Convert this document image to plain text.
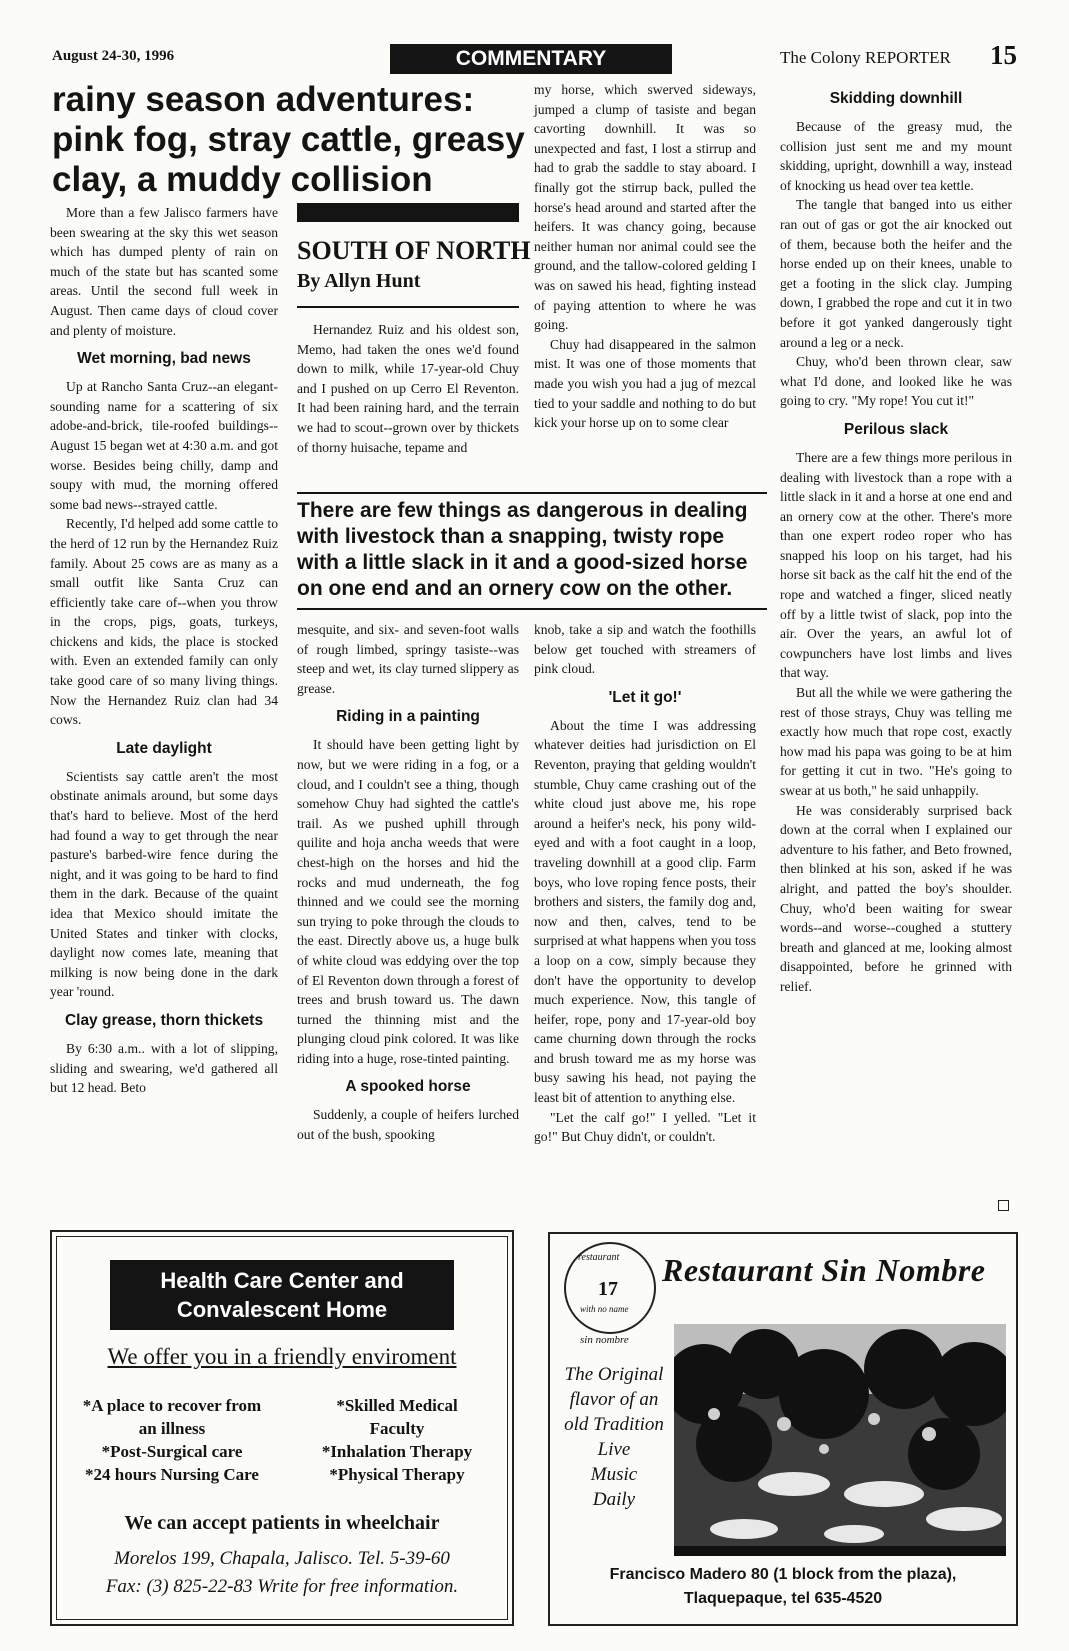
August 24-30, 1996	COMMENTARY	The Colony REPORTER 15
rainy season adventures: pink fog, stray cattle, greasy clay, a muddy collision

More than a few Jalisco farmers have been swearing at the sky this wet season which has dumped plenty of rain on much of the state but has scanted some areas. Until the second full week in August. Then came days of cloud cover and plenty of moisture.

Wet morning, bad news

Up at Rancho Santa Cruz--an elegant-sounding name for a scattering of six adobe-and-brick, tile-roofed buildings--August 15 began wet at 4:30 a.m. and got worse. Besides being chilly, damp and soupy with mud, the morning offered some bad news--strayed cattle.

Recently, I'd helped add some cattle to the herd of 12 run by the Hernandez Ruiz family. About 25 cows are as many as a small outfit like Santa Cruz can efficiently take care of--when you throw in the crops, pigs, goats, turkeys, chickens and kids, the place is stocked with. Even an extended family can only take good care of so many living things. Now the Hernandez Ruiz clan had 34 cows.

Late daylight

Scientists say cattle aren't the most obstinate animals around, but some days that's hard to believe. Most of the herd had found a way to get through the near pasture's barbed-wire fence during the night, and it was going to be hard to find them in the dark. Because of the quaint idea that Mexico should imitate the United States and tinker with clocks, daylight now comes late, meaning that milking is now being done in the dark year 'round.

Clay grease, thorn thickets

By 6:30 a.m.. with a lot of slipping, sliding and swearing, we'd gathered all but 12 head. Beto

SOUTH OF NORTH
By Allyn Hunt

Hernandez Ruiz and his oldest son, Memo, had taken the ones we'd found down to milk, while 17-year-old Chuy and I pushed on up Cerro El Reventon. It had been raining hard, and the terrain we had to scout--grown over by thickets of thorny huisache, tepame and

my horse, which swerved sideways, jumped a clump of tasiste and began cavorting downhill. It was so unexpected and fast, I lost a stirrup and had to grab the saddle to stay aboard. I finally got the stirrup back, pulled the horse's head around and started after the heifers. It was chancy going, because neither human nor animal could see the ground, and the tallow-colored gelding I was on sawed his head, fighting instead of paying attention to where he was going.

Chuy had disappeared in the salmon mist. It was one of those moments that made you wish you had a jug of mezcal tied to your saddle and nothing to do but kick your horse up on to some clear

There are few things as dangerous in dealing with livestock than a snapping, twisty rope with a little slack in it and a good-sized horse on one end and an ornery cow on the other.

mesquite, and six- and seven-foot walls of rough limbed, springy tasiste--was steep and wet, its clay turned slippery as grease.

Riding in a painting

It should have been getting light by now, but we were riding in a fog, or a cloud, and I couldn't see a thing, though somehow Chuy had sighted the cattle's trail. As we pushed uphill through quilite and hoja ancha weeds that were chest-high on the horses and hid the rocks and mud underneath, the fog thinned and we could see the morning sun trying to poke through the clouds to the east. Directly above us, a huge bulk of white cloud was eddying over the top of El Reventon down through a forest of trees and brush toward us. The dawn turned the thinning mist and the plunging cloud pink colored. It was like riding into a huge, rose-tinted painting.

A spooked horse

Suddenly, a couple of heifers lurched out of the bush, spooking

knob, take a sip and watch the foothills below get touched with streamers of pink cloud.

'Let it go!'

About the time I was addressing whatever deities had jurisdiction on El Reventon, praying that gelding wouldn't stumble, Chuy came crashing out of the white cloud just above me, his rope around a heifer's neck, his pony wild-eyed and with a foot caught in a loop, traveling downhill at a good clip. Farm boys, who love roping fence posts, their brothers and sisters, the family dog and, now and then, calves, tend to be surprised at what happens when you toss a loop on a cow, simply because they don't have the opportunity to develop much experience. Now, this tangle of heifer, rope, pony and 17-year-old boy came churning down through the rocks and brush toward me as my horse was busy sawing his head, not paying the least bit of attention to anything else.

"Let the calf go!" I yelled. "Let it go!" But Chuy didn't, or couldn't.

Skidding downhill

Because of the greasy mud, the collision just sent me and my mount skidding, upright, downhill a way, instead of knocking us head over tea kettle.

The tangle that banged into us either ran out of gas or got the air knocked out of them, because both the heifer and the horse ended up on their knees, unable to get a footing in the slick clay. Jumping down, I grabbed the rope and cut it in two before it got yanked dangerously tight around a leg or a neck.

Chuy, who'd been thrown clear, saw what I'd done, and looked like he was going to cry. "My rope! You cut it!"

Perilous slack

There are a few things more perilous in dealing with livestock than a rope with a little slack in it and a horse at one end and an ornery cow at the other. There's more than one expert rodeo roper who has snapped his loop on his target, had his horse sit back as the calf hit the end of the rope and watched a finger, sliced neatly off by a little twist of slack, pop into the air. Over the years, an awful lot of cowpunchers have lost limbs and lives that way.

But all the while we were gathering the rest of those strays, Chuy was telling me exactly how much that rope cost, exactly how mad his papa was going to be at him for getting it cut in two. "He's going to swear at us both," he said unhappily.

He was considerably surprised back down at the corral when I explained our adventure to his father, and Beto frowned, then blinked at his son, asked if he was alright, and patted the boy's shoulder. Chuy, who'd been waiting for swear words--and worse--coughed a stuttery breath and glanced at me, looking almost disappointed, before he grinned with relief.

Health Care Center and
Convalescent Home
We offer you in a friendly enviroment
*A place to recover from
an illness
*Post-Surgical care
*24 hours Nursing Care
*Skilled Medical
Faculty
*Inhalation Therapy
*Physical Therapy
We can accept patients in wheelchair
Morelos 199, Chapala, Jalisco. Tel. 5-39-60
Fax: (3) 825-22-83 Write for free information.
restaurant
17
with no name
sin nombre
Restaurant Sin Nombre
The Original
flavor of an
old Tradition
Live
Music
Daily
Francisco Madero 80 (1 block from the plaza),
Tlaquepaque, tel 635-4520
